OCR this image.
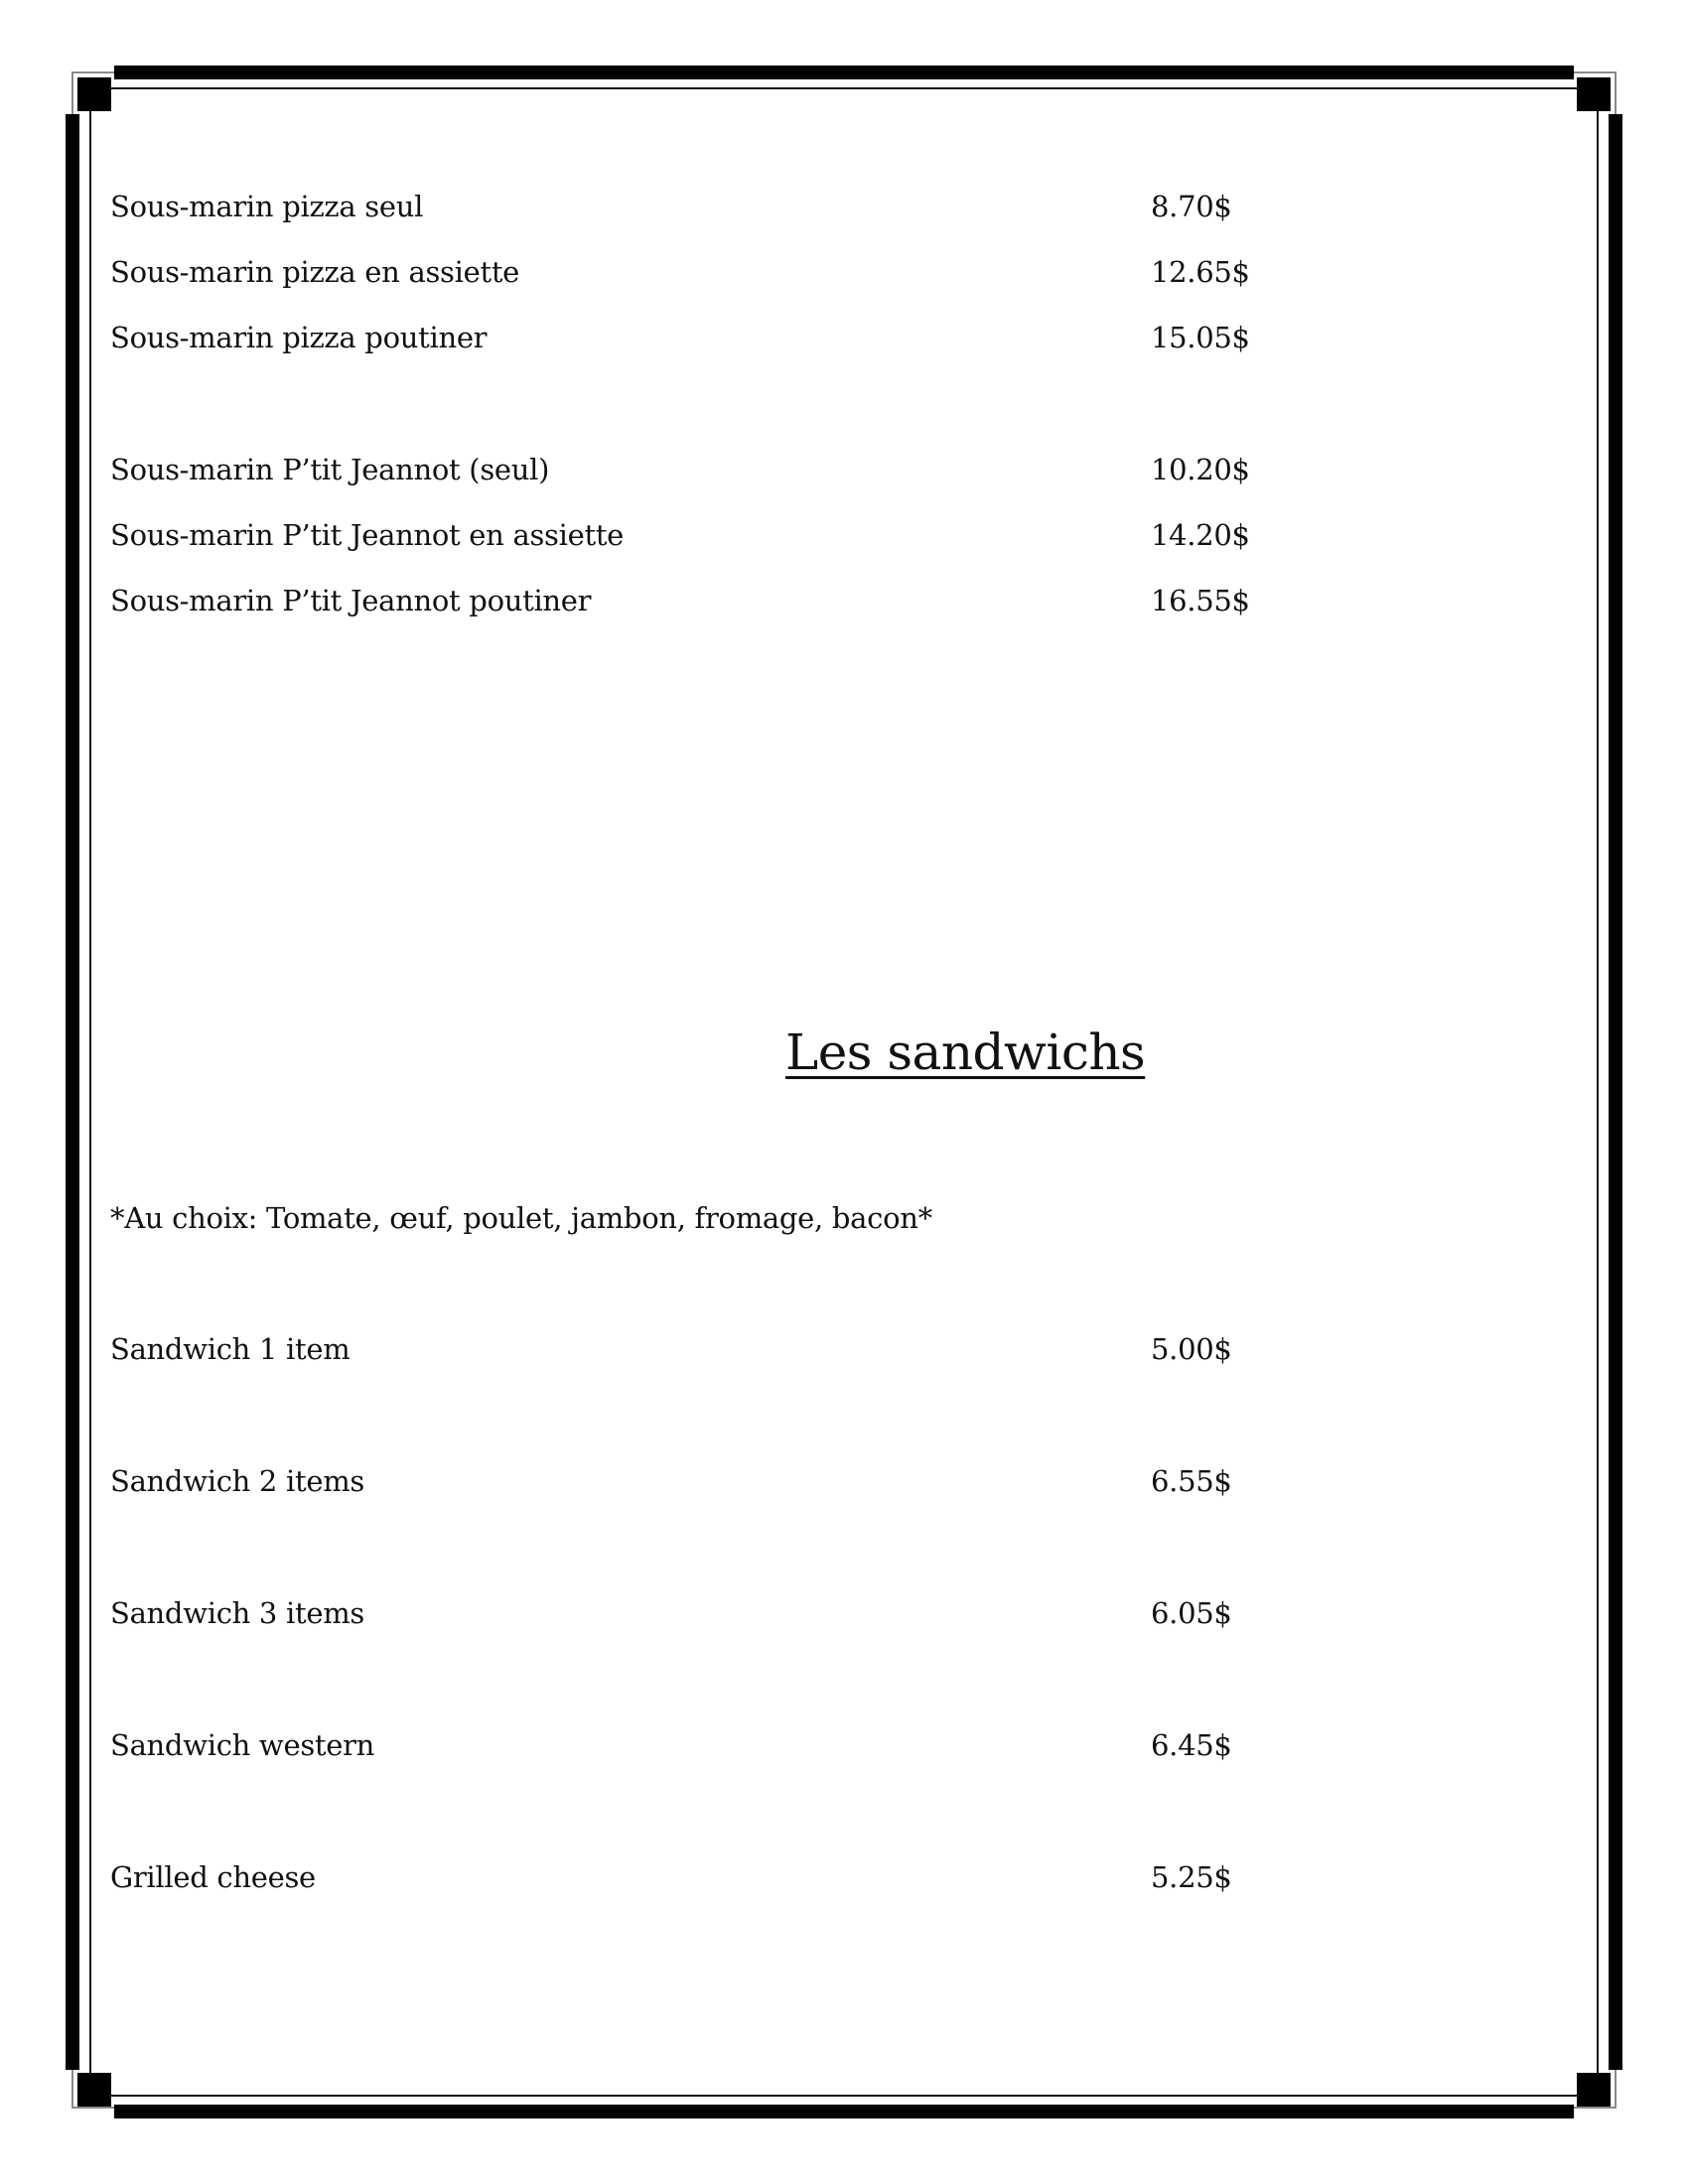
Sous-marin pizza seul	8.70$
Sous-marin pizza en assiette	12.65$
Sous-marin pizza poutiner	15.05$
Sous-marin P’tit Jeannot (seul)	10.20$
Sous-marin P’tit Jeannot en assiette	14.20$
Sous-marin P’tit Jeannot poutiner	16.55$
Les sandwichs
*Au choix: Tomate, œuf, poulet, jambon, fromage, bacon*
Sandwich 1 item	5.00$
Sandwich 2 items	6.55$
Sandwich 3 items	6.05$
Sandwich western	6.45$
Grilled cheese	5.25$
